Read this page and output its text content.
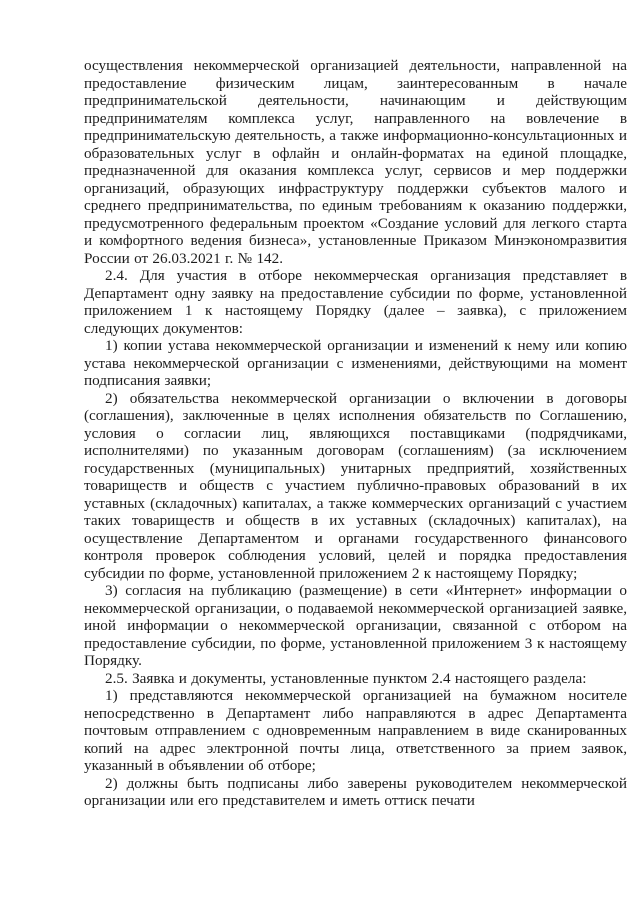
осуществления некоммерческой организацией деятельности, направленной на предоставление физическим лицам, заинтересованным в начале предпринимательской деятельности, начинающим и действующим предпринимателям комплекса услуг, направленного на вовлечение в предпринимательскую деятельность, а также информационно-консультационных и образовательных услуг в офлайн и онлайн-форматах на единой площадке, предназначенной для оказания комплекса услуг, сервисов и мер поддержки организаций, образующих инфраструктуру поддержки субъектов малого и среднего предпринимательства, по единым требованиям к оказанию поддержки, предусмотренного федеральным проектом «Создание условий для легкого старта и комфортного ведения бизнеса», установленные Приказом Минэкономразвития России от 26.03.2021 г. № 142.

2.4. Для участия в отборе некоммерческая организация представляет в Департамент одну заявку на предоставление субсидии по форме, установленной приложением 1 к настоящему Порядку (далее – заявка), с приложением следующих документов:

1) копии устава некоммерческой организации и изменений к нему или копию устава некоммерческой организации с изменениями, действующими на момент подписания заявки;

2) обязательства некоммерческой организации о включении в договоры (соглашения), заключенные в целях исполнения обязательств по Соглашению, условия о согласии лиц, являющихся поставщиками (подрядчиками, исполнителями) по указанным договорам (соглашениям) (за исключением государственных (муниципальных) унитарных предприятий, хозяйственных товариществ и обществ с участием публично-правовых образований в их уставных (складочных) капиталах, а также коммерческих организаций с участием таких товариществ и обществ в их уставных (складочных) капиталах), на осуществление Департаментом и органами государственного финансового контроля проверок соблюдения условий, целей и порядка предоставления субсидии по форме, установленной приложением 2 к настоящему Порядку;

3) согласия на публикацию (размещение) в сети «Интернет» информации о некоммерческой организации, о подаваемой некоммерческой организацией заявке, иной информации о некоммерческой организации, связанной с отбором на предоставление субсидии, по форме, установленной приложением 3 к настоящему Порядку.

2.5. Заявка и документы, установленные пунктом 2.4 настоящего раздела:

1) представляются некоммерческой организацией на бумажном носителе непосредственно в Департамент либо направляются в адрес Департамента почтовым отправлением с одновременным направлением в виде сканированных копий на адрес электронной почты лица, ответственного за прием заявок, указанный в объявлении об отборе;

2) должны быть подписаны либо заверены руководителем некоммерческой организации или его представителем и иметь оттиск печати
